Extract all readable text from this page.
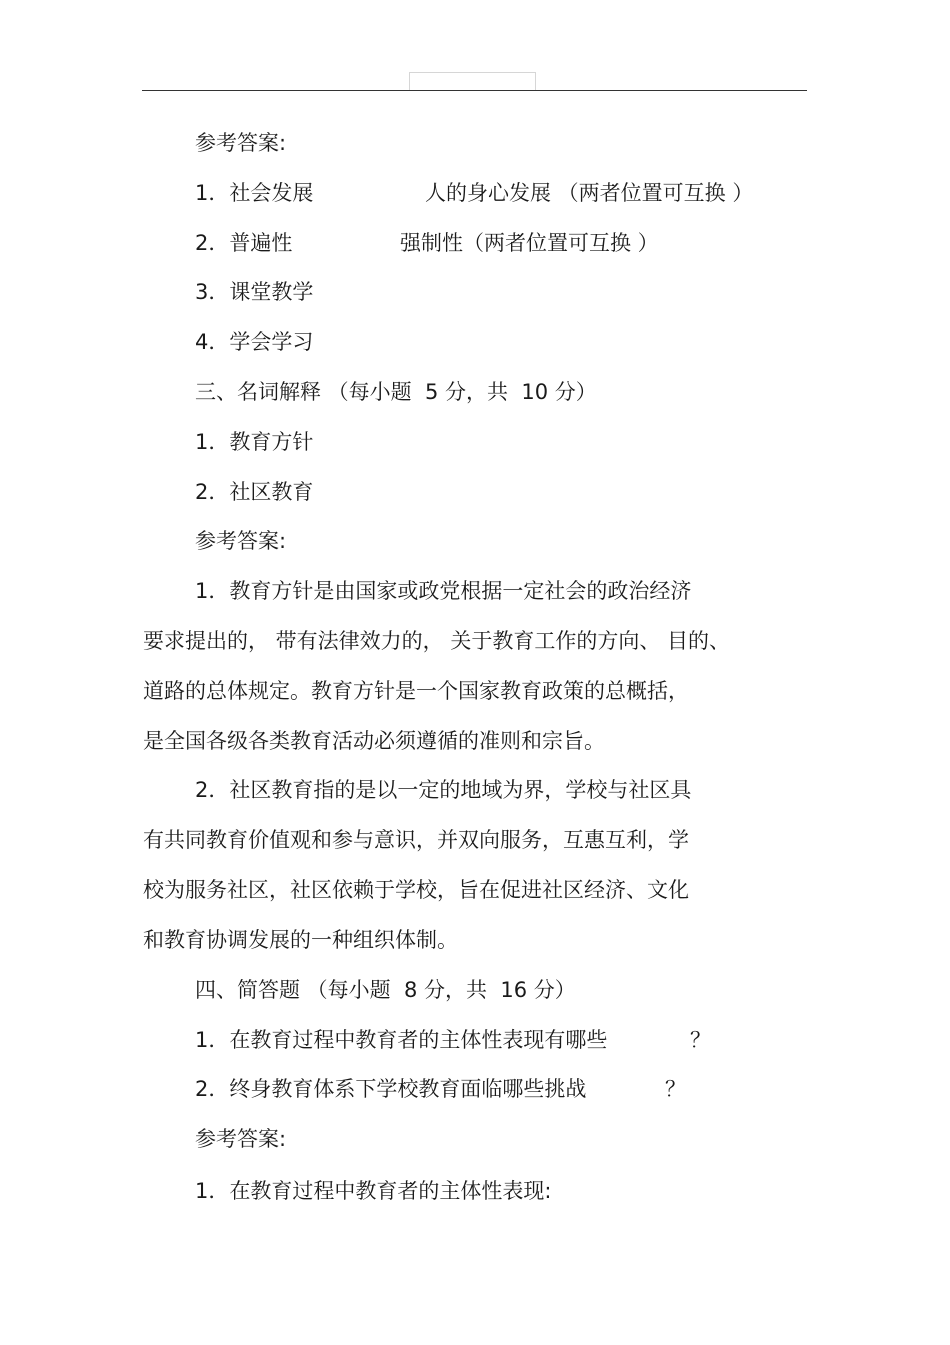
参考答案:

1．社会发展

	人的身心发展 （两者位置可互换 ）

2．普遍性

	强制性（两者位置可互换 ）

3．课堂教学
4．学会学习
三、名词解释 （每小题  5 分，共  10 分）
1．教育方针
2．社区教育
参考答案:
1．教育方针是由国家或政党根据一定社会的政治经济
要求提出的， 带有法律效力的， 关于教育工作的方向、 目的、
道路的总体规定。教育方针是一个国家教育政策的总概括，
是全国各级各类教育活动必须遵循的准则和宗旨。
2．社区教育指的是以一定的地域为界，学校与社区具
有共同教育价值观和参与意识，并双向服务，互惠互利，学
校为服务社区，社区依赖于学校，旨在促进社区经济、文化
和教育协调发展的一种组织体制。
四、简答题 （每小题  8 分，共  16 分）

1．在教育过程中教育者的主体性表现有哪些

	？

2．终身教育体系下学校教育面临哪些挑战

	？

参考答案:
1．在教育过程中教育者的主体性表现:
